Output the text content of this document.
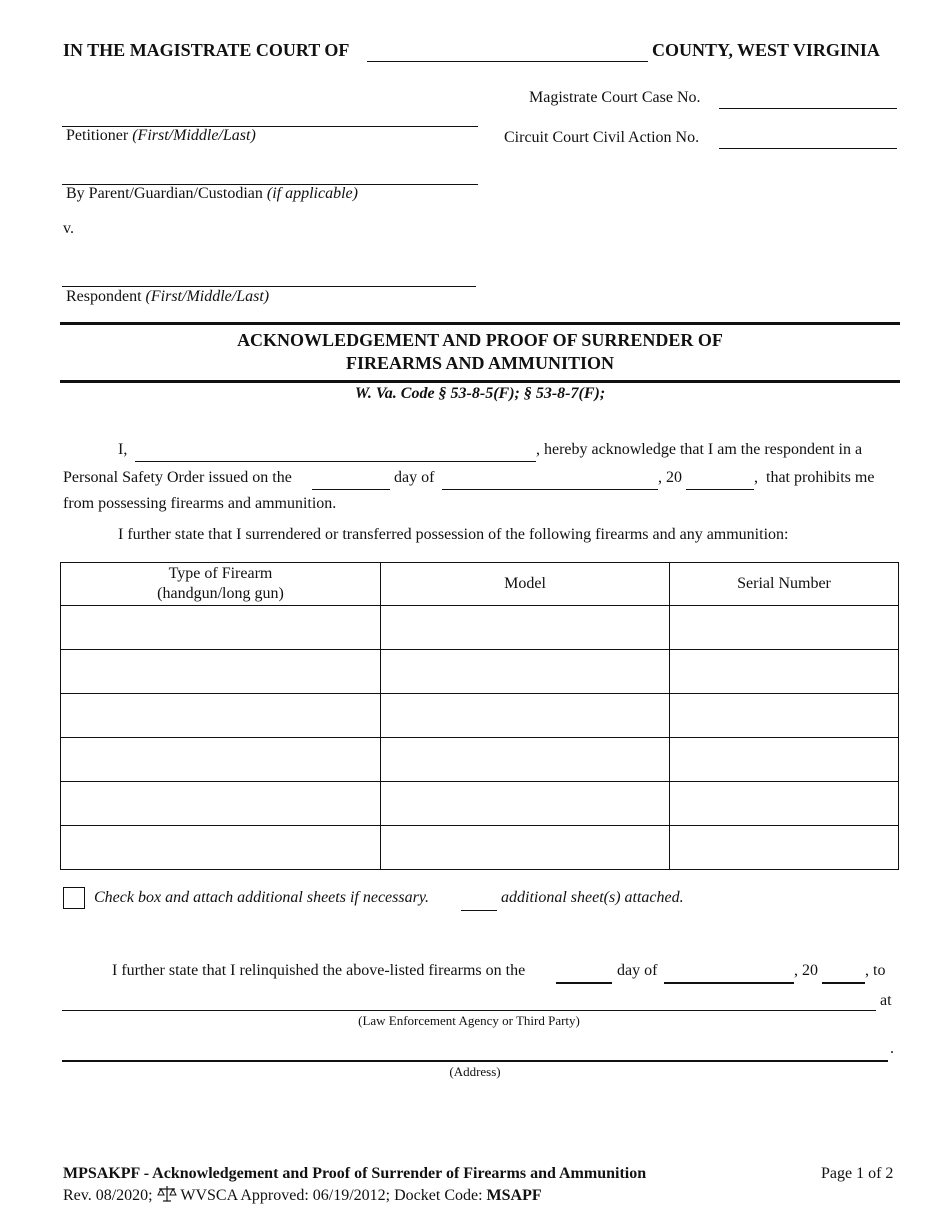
IN THE MAGISTRATE COURT OF	COUNTY, WEST VIRGINIA
Magistrate Court Case No.
Circuit Court Civil Action No.
Petitioner (First/Middle/Last)
By Parent/Guardian/Custodian (if applicable)
v.
Respondent (First/Middle/Last)
ACKNOWLEDGEMENT AND PROOF OF SURRENDER OF
FIREARMS AND AMMUNITION
W. Va. Code § 53-8-5(F); § 53-8-7(F);
I,	, hereby acknowledge that I am the respondent in a
Personal Safety Order issued on the	day of	, 20	,  that prohibits me
from possessing firearms and ammunition.
I further state that I surrendered or transferred possession of the following firearms and any ammunition:
Type of Firearm
(handgun/long gun)	Model	Serial Number

Check box and attach additional sheets if necessary.	additional sheet(s) attached.
I further state that I relinquished the above-listed firearms on the	day of	, 20	, to
at
(Law Enforcement Agency or Third Party)
.
(Address)
MPSAKPF - Acknowledgement and Proof of Surrender of Firearms and Ammunition	Page 1 of 2
Rev. 08/2020; WVSCA Approved: 06/19/2012; Docket Code: MSAPF
